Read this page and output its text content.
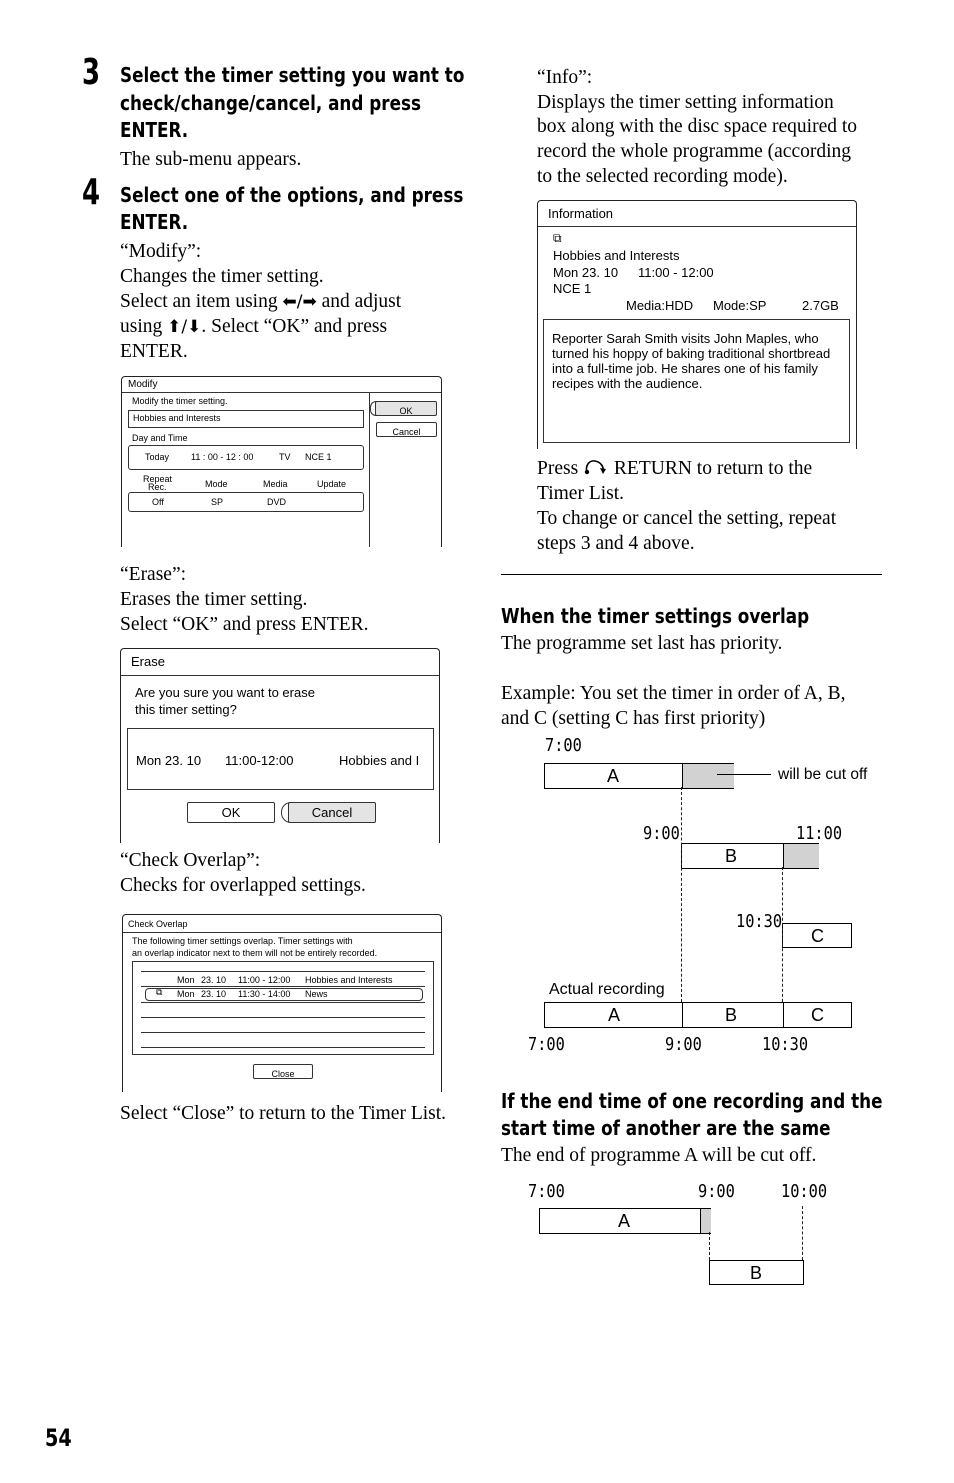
3 Select the timer setting you want to
check/change/cancel, and press
ENTER.
The sub-menu appears.
4 Select one of the options, and press
ENTER.
“Modify”:
Changes the timer setting.
Select an item using ⬅/➡ and adjust
using ⬆/⬇. Select “OK” and press
ENTER.
Modify
Modify the timer setting.
Hobbies and Interests
Day and Time
Today 11 : 00 - 12 : 00	TV NCE 1
Repeat
Rec.	Mode	Media	Update
Off	SP	DVD
OK
Cancel
“Erase”:
Erases the timer setting.
Select “OK” and press ENTER.
Erase
Are you sure you want to erase
this timer setting?
Mon 23. 10 11:00-12:00	Hobbies and I
OK	Cancel
“Check Overlap”:
Checks for overlapped settings.
Check Overlap
The following timer settings overlap. Timer settings with
an overlap indicator next to them will not be entirely recorded.
Mon 23. 10 11:00 - 12:00 Hobbies and Interests
⧉ Mon 23. 10 11:30 - 14:00 News
Close
Select “Close” to return to the Timer List.
54
“Info”:
Displays the timer setting information
box along with the disc space required to
record the whole programme (according
to the selected recording mode).
Information
⧉
Hobbies and Interests
Mon 23. 10 11:00 - 12:00
NCE 1
Media:HDD Mode:SP	2.7GB
Reporter Sarah Smith visits John Maples, who
turned his hoppy of baking traditional shortbread
into a full-time job. He shares one of his family
recipes with the audience.
Press  RETURN to return to the
Timer List.
To change or cancel the setting, repeat
steps 3 and 4 above.
When the timer settings overlap
The programme set last has priority.
Example: You set the timer in order of A, B,
and C (setting C has first priority)
7:00
A	will be cut off
9:00	11:00
B
10:30
C
Actual recording
A	B	C
7:00	9:00	10:30
If the end time of one recording and the
start time of another are the same
The end of programme A will be cut off.
7:00	9:00	10:00
A
B
